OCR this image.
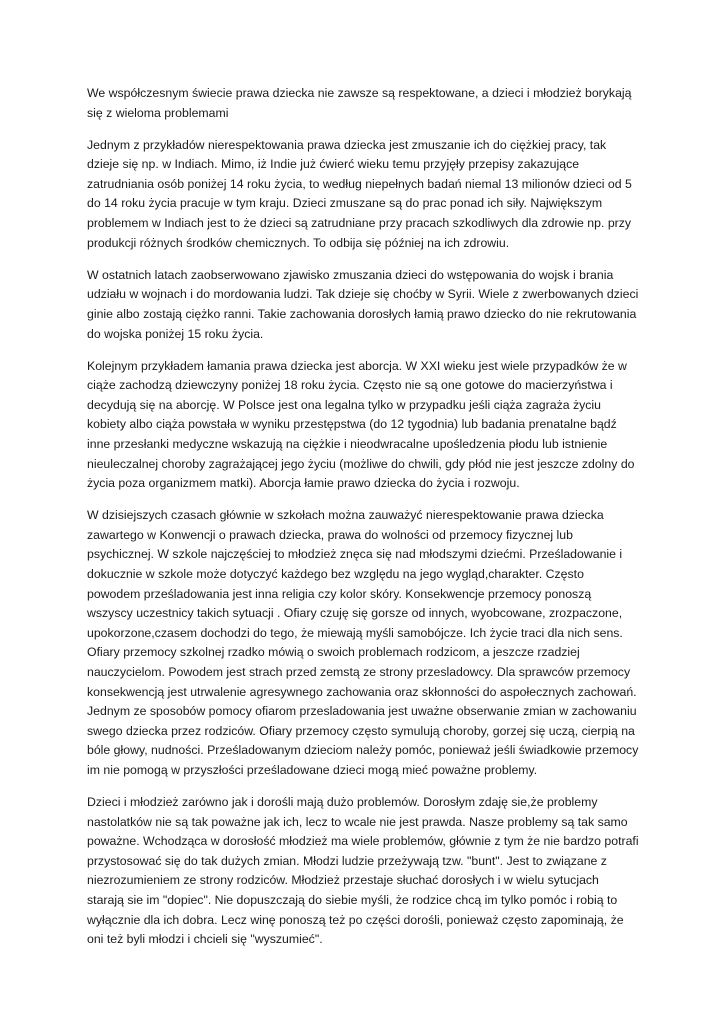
We współczesnym świecie prawa dziecka nie zawsze są respektowane, a dzieci i młodzież borykają się z wieloma problemami

Jednym z przykładów nierespektowania prawa dziecka jest zmuszanie ich do ciężkiej pracy, tak dzieje się np. w Indiach. Mimo, iż Indie już ćwierć wieku temu przyjęły przepisy zakazujące zatrudniania osób poniżej 14 roku życia, to według niepełnych badań niemal 13 milionów dzieci od 5 do 14 roku życia pracuje w tym kraju. Dzieci zmuszane są do prac ponad ich siły. Największym problemem w Indiach jest to że dzieci są zatrudniane przy pracach szkodliwych dla zdrowie np. przy produkcji różnych środków chemicznych. To odbija się później na ich zdrowiu.

W ostatnich latach zaobserwowano zjawisko zmuszania dzieci do wstępowania do wojsk i brania udziału w wojnach i do mordowania ludzi. Tak dzieje się choćby w Syrii. Wiele z zwerbowanych dzieci ginie albo zostają ciężko ranni. Takie zachowania dorosłych łamią prawo dziecko do nie rekrutowania do wojska poniżej 15 roku życia.

Kolejnym przykładem łamania prawa dziecka jest aborcja. W XXI wieku jest wiele przypadków że w ciąże zachodzą dziewczyny poniżej 18 roku życia. Często nie są one gotowe do macierzyństwa i decydują się na aborcję. W Polsce jest ona legalna tylko w przypadku jeśli ciąża zagraża życiu kobiety albo ciąża powstała w wyniku przestępstwa (do 12 tygodnia) lub badania prenatalne bądź inne przesłanki medyczne wskazują na ciężkie i nieodwracalne upośledzenia płodu lub istnienie nieuleczalnej choroby zagrażającej jego życiu (możliwe do chwili, gdy płód nie jest jeszcze zdolny do życia poza organizmem matki). Aborcja łamie prawo dziecka do życia i rozwoju.

W dzisiejszych czasach głównie w szkołach można zauważyć nierespektowanie prawa dziecka zawartego w Konwencji o prawach dziecka, prawa do wolności od przemocy fizycznej lub psychicznej. W szkole najczęściej to młodzież znęca się nad młodszymi dziećmi. Prześladowanie i dokucznie w szkole może dotyczyć każdego bez względu na jego wygląd,charakter. Często powodem prześladowania jest inna religia czy kolor skóry. Konsekwencje przemocy ponoszą wszyscy uczestnicy takich sytuacji . Ofiary czuję się gorsze od innych, wyobcowane, zrozpaczone, upokorzone,czasem dochodzi do tego, że miewają myśli samobójcze. Ich życie traci dla nich sens. Ofiary przemocy szkolnej rzadko mówią o swoich problemach rodzicom, a jeszcze rzadziej nauczycielom. Powodem jest strach przed zemstą ze strony przesladowcy. Dla sprawców przemocy konsekwencją jest utrwalenie agresywnego zachowania oraz skłonności do aspołecznych zachowań. Jednym ze sposobów pomocy ofiarom przesladowania jest uważne obserwanie zmian w zachowaniu swego dziecka przez rodziców. Ofiary przemocy często symulują choroby, gorzej się uczą, cierpią na bóle głowy, nudności. Prześladowanym dzieciom należy pomóc, ponieważ jeśli świadkowie przemocy im nie pomogą w przyszłości prześladowane dzieci mogą mieć poważne problemy.

Dzieci i młodzież zarówno jak i dorośli mają dużo problemów. Dorosłym zdaję sie,że problemy nastolatków nie są tak poważne jak ich, lecz to wcale nie jest prawda. Nasze problemy są tak samo poważne. Wchodząca w dorosłość młodzież ma wiele problemów, głównie z tym że nie bardzo potrafi przystosować się do tak dużych zmian. Młodzi ludzie przeżywają tzw. "bunt". Jest to związane z niezrozumieniem ze strony rodziców. Młodzież przestaje słuchać dorosłych i w wielu sytucjach starają sie im "dopiec". Nie dopuszczają do siebie myśli, że rodzice chcą im tylko pomóc i robią to wyłącznie dla ich dobra. Lecz winę ponoszą też po części dorośli, ponieważ często zapominają, że oni też byli młodzi i chcieli się "wyszumieć".
